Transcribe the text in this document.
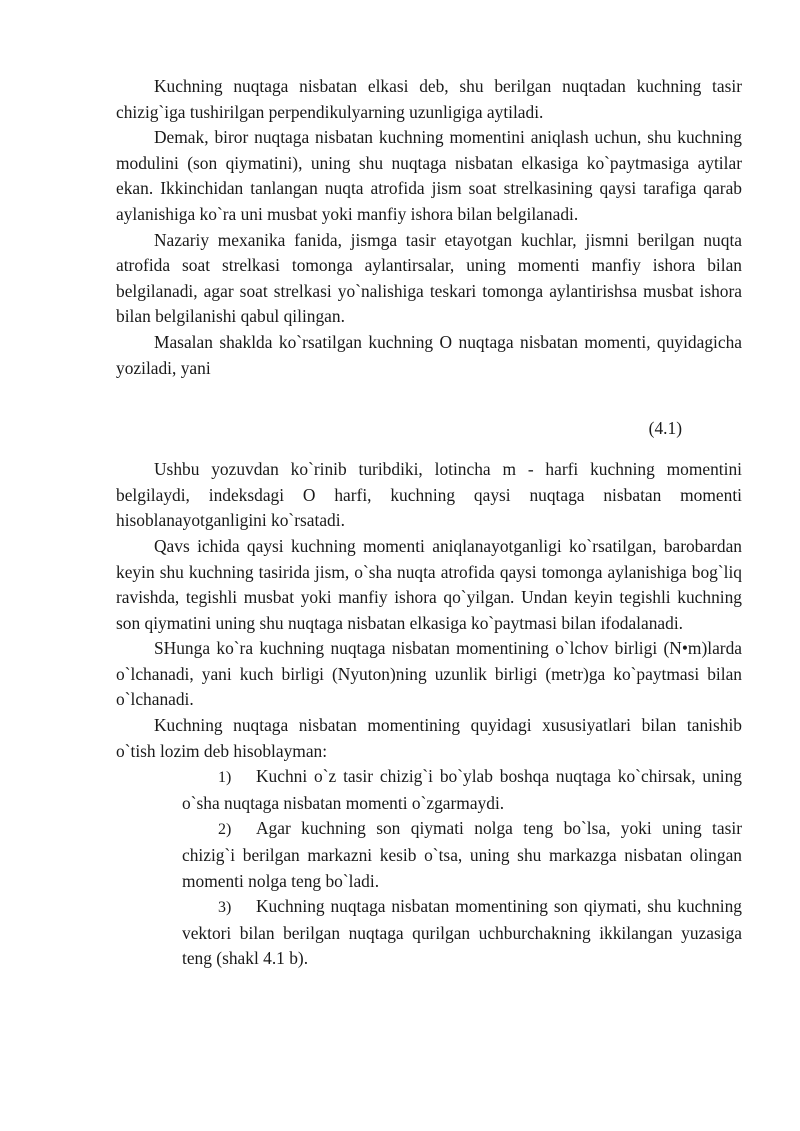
Kuchning nuqtaga nisbatan elkasi deb, shu berilgan nuqtadan kuchning tasir chizig`iga tushirilgan perpendikulyarning uzunligiga aytiladi.

Demak, biror nuqtaga nisbatan kuchning momentini aniqlash uchun, shu kuchning modulini (son qiymatini), uning shu nuqtaga nisbatan elkasiga ko`paytmasiga aytilar ekan. Ikkinchidan tanlangan nuqta atrofida jism soat strelkasining qaysi tarafiga qarab aylanishiga ko`ra uni musbat yoki manfiy ishora bilan belgilanadi.

Nazariy mexanika fanida, jismga tasir etayotgan kuchlar, jismni berilgan nuqta atrofida soat strelkasi tomonga aylantirsalar, uning momenti manfiy ishora bilan belgilanadi, agar soat strelkasi yo`nalishiga teskari tomonga aylantirishsa musbat ishora bilan belgilanishi qabul qilingan.

Masalan shaklda ko`rsatilgan kuchning O nuqtaga nisbatan momenti, quyidagicha yoziladi, yani

(4.1)

Ushbu yozuvdan ko`rinib turibdiki, lotincha m - harfi kuchning momentini belgilaydi, indeksdagi O harfi, kuchning qaysi nuqtaga nisbatan momenti hisoblanayotganligini ko`rsatadi.

Qavs ichida qaysi kuchning momenti aniqlanayotganligi ko`rsatilgan, barobardan keyin shu kuchning tasirida jism, o`sha nuqta atrofida qaysi tomonga aylanishiga bog`liq ravishda, tegishli musbat yoki manfiy ishora qo`yilgan. Undan keyin tegishli kuchning son qiymatini uning shu nuqtaga nisbatan elkasiga ko`paytmasi bilan ifodalanadi.

SHunga ko`ra kuchning nuqtaga nisbatan momentining o`lchov birligi (N•m)larda o`lchanadi, yani kuch birligi (Nyuton)ning uzunlik birligi (metr)ga ko`paytmasi bilan o`lchanadi.

Kuchning nuqtaga nisbatan momentining quyidagi xususiyatlari bilan tanishib o`tish lozim deb hisoblayman:

1) Kuchni o`z tasir chizig`i bo`ylab boshqa nuqtaga ko`chirsak, uning o`sha nuqtaga nisbatan momenti o`zgarmaydi.
2) Agar kuchning son qiymati nolga teng bo`lsa, yoki uning tasir chizig`i berilgan markazni kesib o`tsa, uning shu markazga nisbatan olingan momenti nolga teng bo`ladi.
3) Kuchning nuqtaga nisbatan momentining son qiymati, shu kuchning vektori bilan berilgan nuqtaga qurilgan uchburchakning ikkilangan yuzasiga teng (shakl 4.1 b).
